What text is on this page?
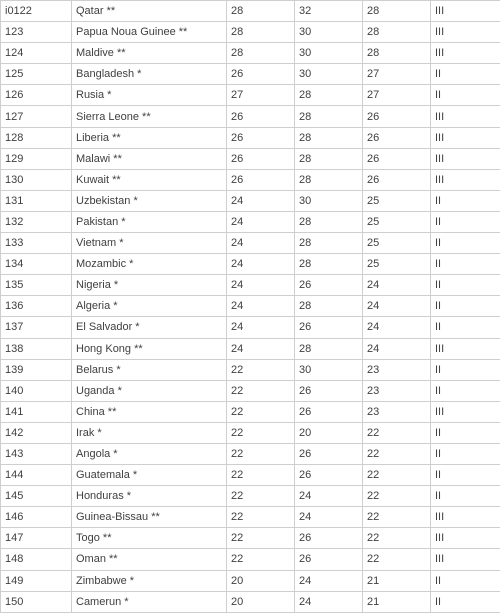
i0122	Qatar **	28	32	28	III
123	Papua Noua Guinee **	28	30	28	III
124	Maldive **	28	30	28	III
125	Bangladesh *	26	30	27	II
126	Rusia *	27	28	27	II
127	Sierra Leone **	26	28	26	III
128	Liberia **	26	28	26	III
129	Malawi **	26	28	26	III
130	Kuwait **	26	28	26	III
131	Uzbekistan *	24	30	25	II
132	Pakistan *	24	28	25	II
133	Vietnam *	24	28	25	II
134	Mozambic *	24	28	25	II
135	Nigeria *	24	26	24	II
136	Algeria *	24	28	24	II
137	El Salvador *	24	26	24	II
138	Hong Kong **	24	28	24	III
139	Belarus *	22	30	23	II
140	Uganda *	22	26	23	II
141	China **	22	26	23	III
142	Irak *	22	20	22	II
143	Angola *	22	26	22	II
144	Guatemala *	22	26	22	II
145	Honduras *	22	24	22	II
146	Guinea-Bissau **	22	24	22	III
147	Togo **	22	26	22	III
148	Oman **	22	26	22	III
149	Zimbabwe *	20	24	21	II
150	Camerun *	20	24	21	II
